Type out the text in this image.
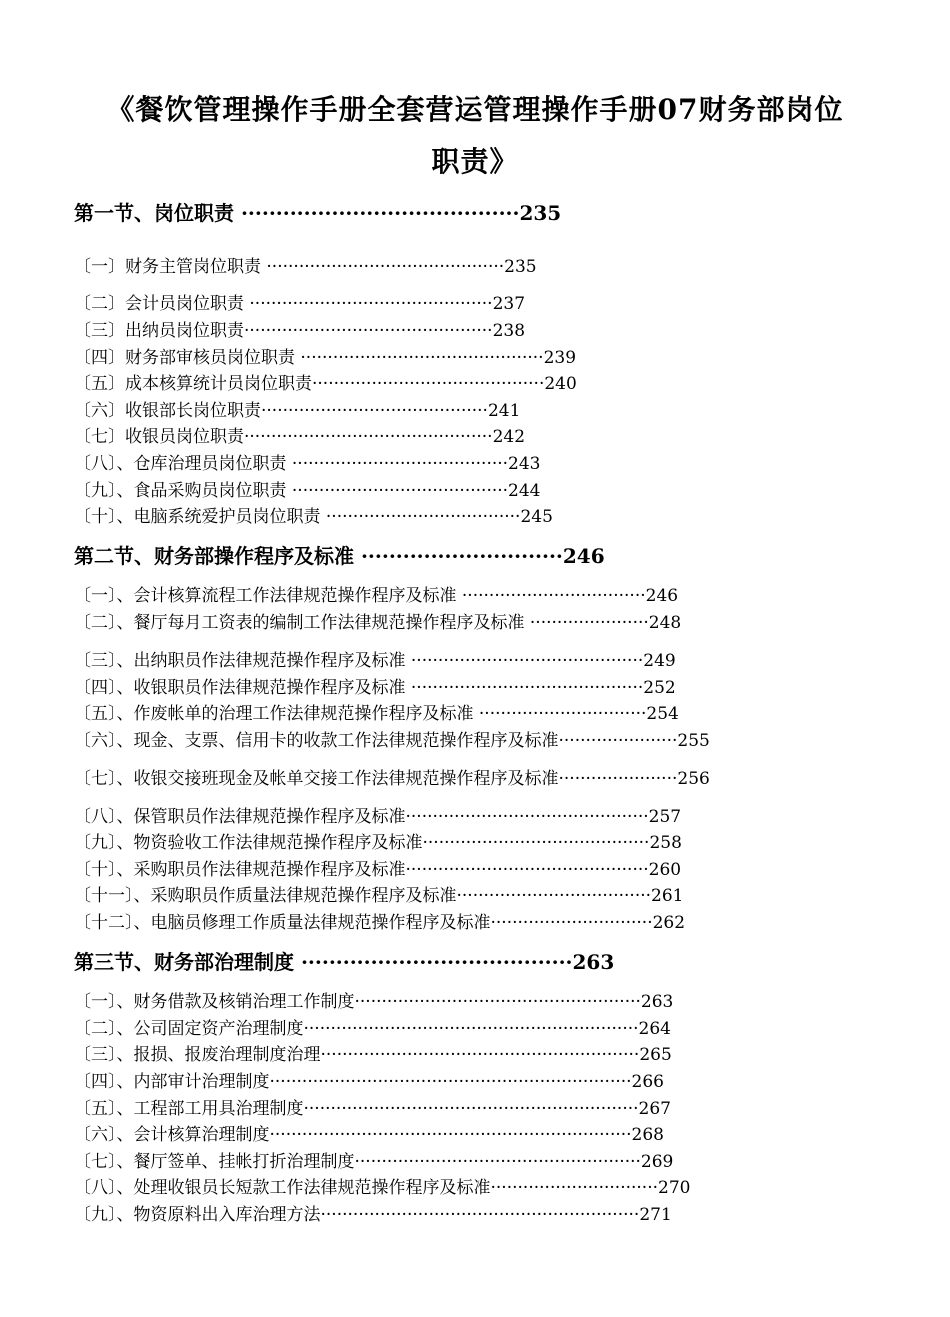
《餐饮管理操作手册全套营运管理操作手册07财务部岗位
职责》
第一节、岗位职责 ········································235
〔一〕财务主管岗位职责 ············································235
〔二〕会计员岗位职责 ·············································237
〔三〕出纳员岗位职责··············································238
〔四〕财务部审核员岗位职责 ·············································239
〔五〕成本核算统计员岗位职责···········································240
〔六〕收银部长岗位职责··········································241
〔七〕收银员岗位职责··············································242
〔八〕、仓库治理员岗位职责 ········································243
〔九〕、食品采购员岗位职责 ········································244
〔十〕、电脑系统爱护员岗位职责 ····································245
第二节、财务部操作程序及标准 ·····························246
〔一〕、会计核算流程工作法律规范操作程序及标准 ··································246
〔二〕、餐厅每月工资表的编制工作法律规范操作程序及标准 ······················248
〔三〕、出纳职员作法律规范操作程序及标准 ···········································249
〔四〕、收银职员作法律规范操作程序及标准 ···········································252
〔五〕、作废帐单的治理工作法律规范操作程序及标准 ·······························254
〔六〕、现金、支票、信用卡的收款工作法律规范操作程序及标准······················255
〔七〕、收银交接班现金及帐单交接工作法律规范操作程序及标准······················256
〔八〕、保管职员作法律规范操作程序及标准·············································257
〔九〕、物资验收工作法律规范操作程序及标准··········································258
〔十〕、采购职员作法律规范操作程序及标准·············································260
〔十一〕、采购职员作质量法律规范操作程序及标准····································261
〔十二〕、电脑员修理工作质量法律规范操作程序及标准······························262
第三节、财务部治理制度 ·······································263
〔一〕、财务借款及核销治理工作制度·····················································263
〔二〕、公司固定资产治理制度······························································264
〔三〕、报损、报废治理制度治理···························································265
〔四〕、内部审计治理制度···································································266
〔五〕、工程部工用具治理制度······························································267
〔六〕、会计核算治理制度···································································268
〔七〕、餐厅签单、挂帐打折治理制度·····················································269
〔八〕、处理收银员长短款工作法律规范操作程序及标准·······························270
〔九〕、物资原料出入库治理方法···························································271
